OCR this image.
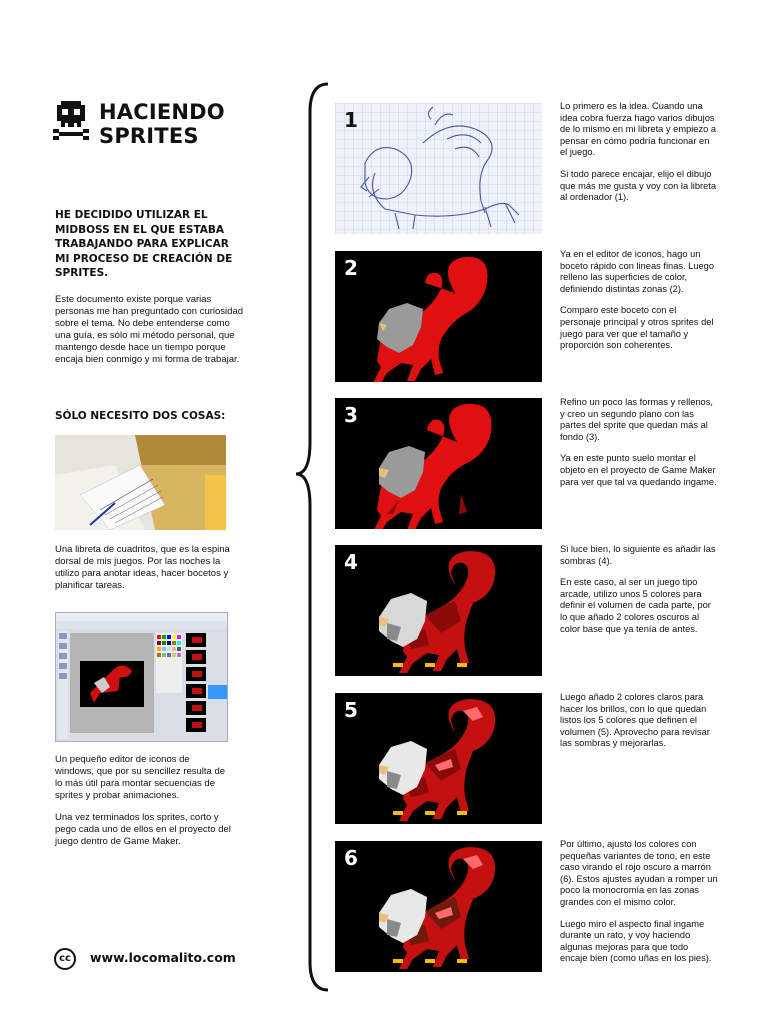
HACIENDO
SPRITES
HE DECIDIDO UTILIZAR EL MIDBOSS EN EL QUE ESTABA TRABAJANDO PARA EXPLICAR MI PROCESO DE CREACIÓN DE SPRITES.
Este documento existe porque varias personas me han preguntado con curiosidad sobre el tema. No debe entenderse como una guía, es sólo mi método personal, que mantengo desde hace un tiempo porque encaja bien conmigo y mi forma de trabajar.
SÓLO NECESITO DOS COSAS:
Una libreta de cuadritos, que es la espina dorsal de mis juegos. Por las noches la utilizo para anotar ideas, hacer bocetos y planificar tareas.
Un pequeño editor de iconos de windows, que por su sencillez resulta de lo más útil para montar secuencias de sprites y probar animaciones.
Una vez terminados los sprites, corto y pego cada uno de ellos en el proyecto del juego dentro de Game Maker.
cc	www.locomalito.com
1
2
3
4
5
6

Lo primero es la idea. Cuando una idea cobra fuerza hago varios dibujos de lo mismo en mi libreta y empiezo a pensar en cómo podría funcionar en el juego.

Si todo parece encajar, elijo el dibujo que más me gusta y voy con la libreta al ordenador (1).

Ya en el editor de iconos, hago un boceto rápido con lineas finas. Luego relleno las superficies de color, definiendo distintas zonas (2).

Comparo este boceto con el personaje principal y otros sprites del juego para ver que el tamaño y proporción son coherentes.

Refino un poco las formas y rellenos, y creo un segundo plano con las partes del sprite que quedan más al fondo (3).

Ya en este punto suelo montar el objeto en el proyecto de Game Maker para ver que tal va quedando ingame.

Si luce bien, lo siguiente es añadir las sombras (4).

En este caso, al ser un juego tipo arcade, utilizo unos 5 colores para definir el volumen de cada parte, por lo que añado 2 colores oscuros al color base que ya tenía de antes.

Luego añado 2 colores claros para hacer los brillos, con lo que quedan listos los 5 colores que definen el volumen (5). Aprovecho para revisar las sombras y mejorarlas.

Por último, ajusto los colores con pequeñas variantes de tono, en este caso virando el rojo oscuro a marrón (6). Estos ajustes ayudan a romper un poco la monocromía en las zonas grandes con el mismo color.

Luego miro el aspecto final ingame durante un rato, y voy haciendo algunas mejoras para que todo encaje bien (como uñas en los pies).
